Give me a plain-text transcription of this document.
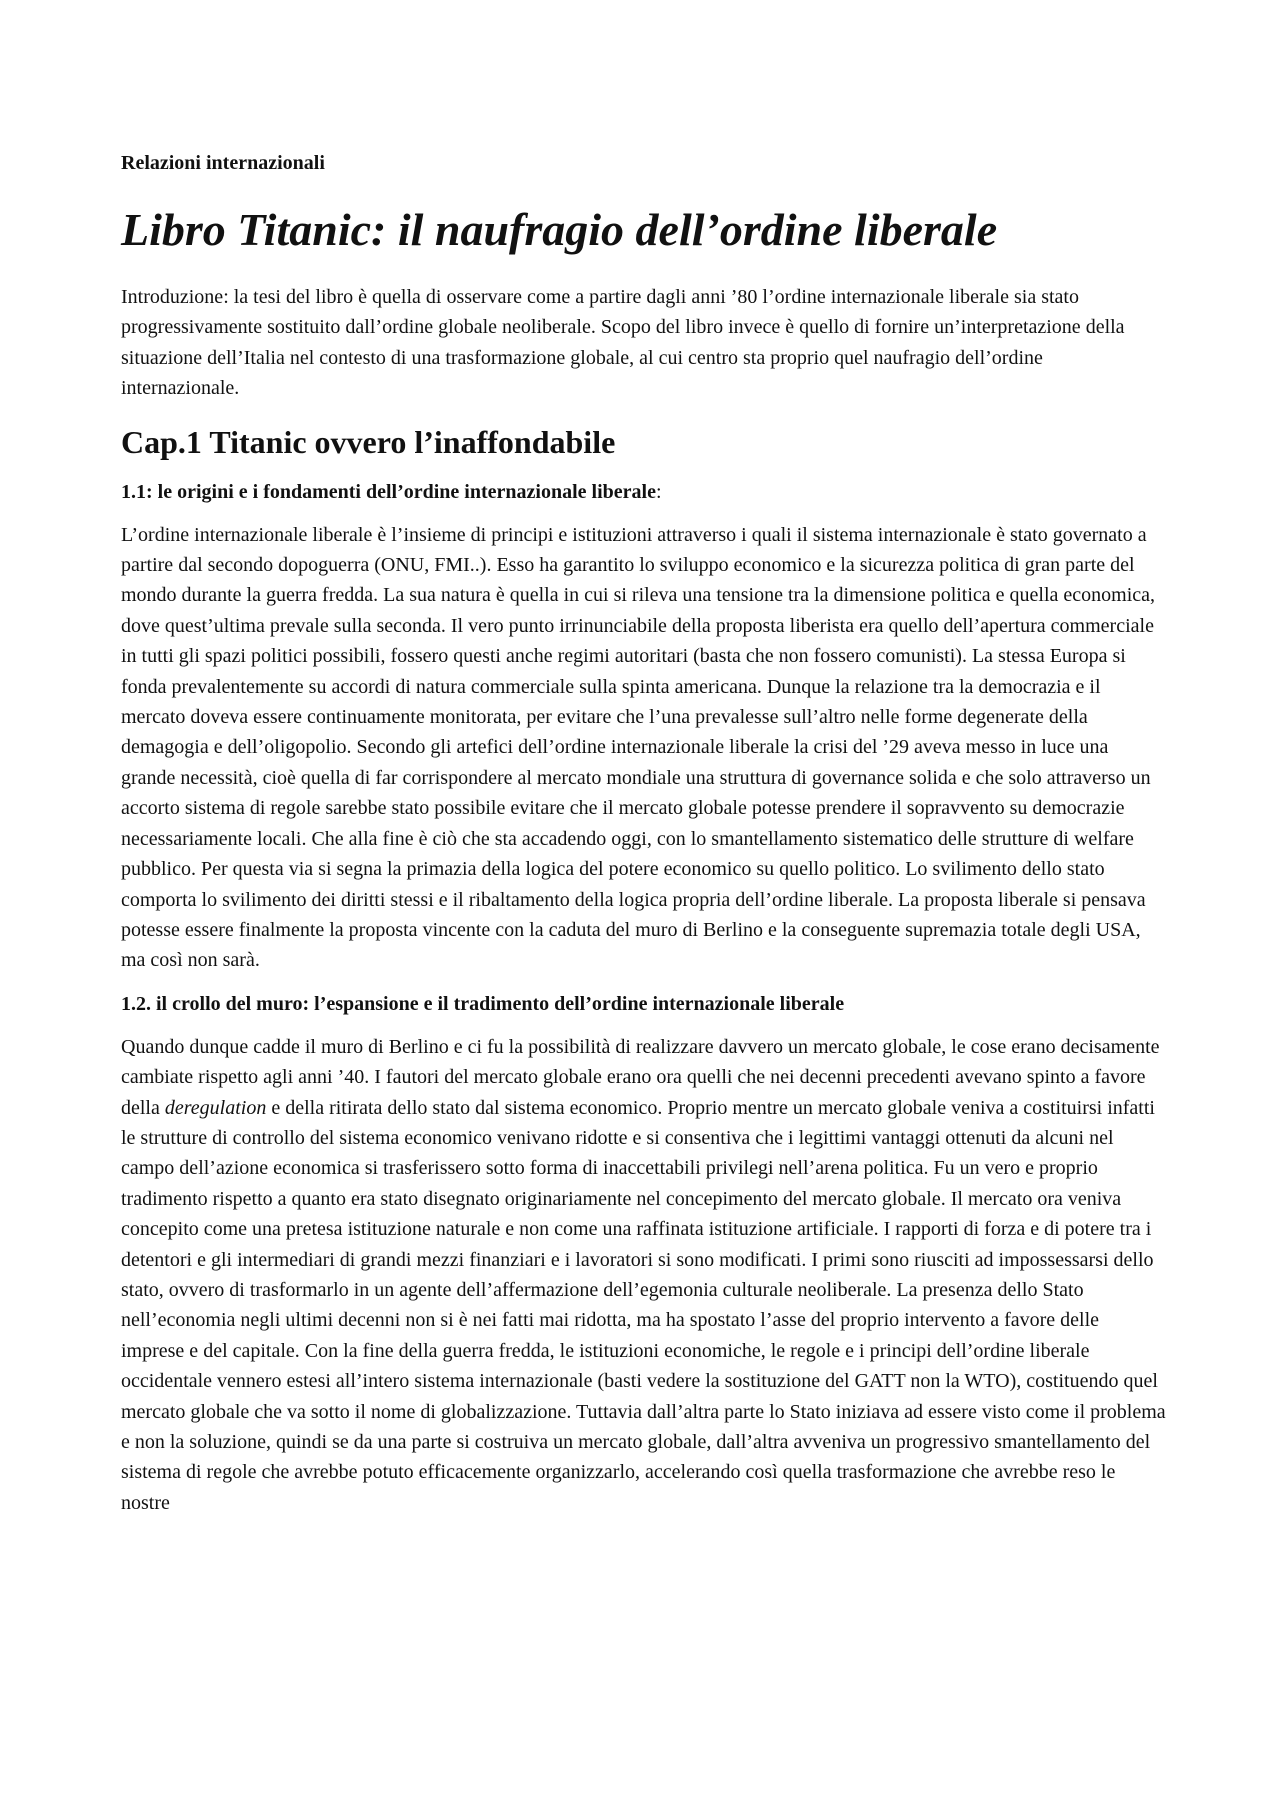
Relazioni internazionali
Libro Titanic: il naufragio dell’ordine liberale

Introduzione: la tesi del libro è quella di osservare come a partire dagli anni ’80 l’ordine internazionale liberale sia stato progressivamente sostituito dall’ordine globale neoliberale. Scopo del libro invece è quello di fornire un’interpretazione della situazione dell’Italia nel contesto di una trasformazione globale, al cui centro sta proprio quel naufragio dell’ordine internazionale.

Cap.1 Titanic ovvero l’inaffondabile
1.1: le origini e i fondamenti dell’ordine internazionale liberale:

L’ordine internazionale liberale è l’insieme di principi e istituzioni attraverso i quali il sistema internazionale è stato governato a partire dal secondo dopoguerra (ONU, FMI..). Esso ha garantito lo sviluppo economico e la sicurezza politica di gran parte del mondo durante la guerra fredda. La sua natura è quella in cui si rileva una tensione tra la dimensione politica e quella economica, dove quest’ultima prevale sulla seconda. Il vero punto irrinunciabile della proposta liberista era quello dell’apertura commerciale in tutti gli spazi politici possibili, fossero questi anche regimi autoritari (basta che non fossero comunisti). La stessa Europa si fonda prevalentemente su accordi di natura commerciale sulla spinta americana. Dunque la relazione tra la democrazia e il mercato doveva essere continuamente monitorata, per evitare che l’una prevalesse sull’altro nelle forme degenerate della demagogia e dell’oligopolio. Secondo gli artefici dell’ordine internazionale liberale la crisi del ’29 aveva messo in luce una grande necessità, cioè quella di far corrispondere al mercato mondiale una struttura di governance solida e che solo attraverso un accorto sistema di regole sarebbe stato possibile evitare che il mercato globale potesse prendere il sopravvento su democrazie necessariamente locali. Che alla fine è ciò che sta accadendo oggi, con lo smantellamento sistematico delle strutture di welfare pubblico. Per questa via si segna la primazia della logica del potere economico su quello politico. Lo svilimento dello stato comporta lo svilimento dei diritti stessi e il ribaltamento della logica propria dell’ordine liberale. La proposta liberale si pensava potesse essere finalmente la proposta vincente con la caduta del muro di Berlino e la conseguente supremazia totale degli USA, ma così non sarà.

1.2. il crollo del muro: l’espansione e il tradimento dell’ordine internazionale liberale

Quando dunque cadde il muro di Berlino e ci fu la possibilità di realizzare davvero un mercato globale, le cose erano decisamente cambiate rispetto agli anni ’40. I fautori del mercato globale erano ora quelli che nei decenni precedenti avevano spinto a favore della deregulation e della ritirata dello stato dal sistema economico. Proprio mentre un mercato globale veniva a costituirsi infatti le strutture di controllo del sistema economico venivano ridotte e si consentiva che i legittimi vantaggi ottenuti da alcuni nel campo dell’azione economica si trasferissero sotto forma di inaccettabili privilegi nell’arena politica. Fu un vero e proprio tradimento rispetto a quanto era stato disegnato originariamente nel concepimento del mercato globale. Il mercato ora veniva concepito come una pretesa istituzione naturale e non come una raffinata istituzione artificiale. I rapporti di forza e di potere tra i detentori e gli intermediari di grandi mezzi finanziari e i lavoratori si sono modificati. I primi sono riusciti ad impossessarsi dello stato, ovvero di trasformarlo in un agente dell’affermazione dell’egemonia culturale neoliberale. La presenza dello Stato nell’economia negli ultimi decenni non si è nei fatti mai ridotta, ma ha spostato l’asse del proprio intervento a favore delle imprese e del capitale. Con la fine della guerra fredda, le istituzioni economiche, le regole e i principi dell’ordine liberale occidentale vennero estesi all’intero sistema internazionale (basti vedere la sostituzione del GATT non la WTO), costituendo quel mercato globale che va sotto il nome di globalizzazione. Tuttavia dall’altra parte lo Stato iniziava ad essere visto come il problema e non la soluzione, quindi se da una parte si costruiva un mercato globale, dall’altra avveniva un progressivo smantellamento del sistema di regole che avrebbe potuto efficacemente organizzarlo, accelerando così quella trasformazione che avrebbe reso le nostre
